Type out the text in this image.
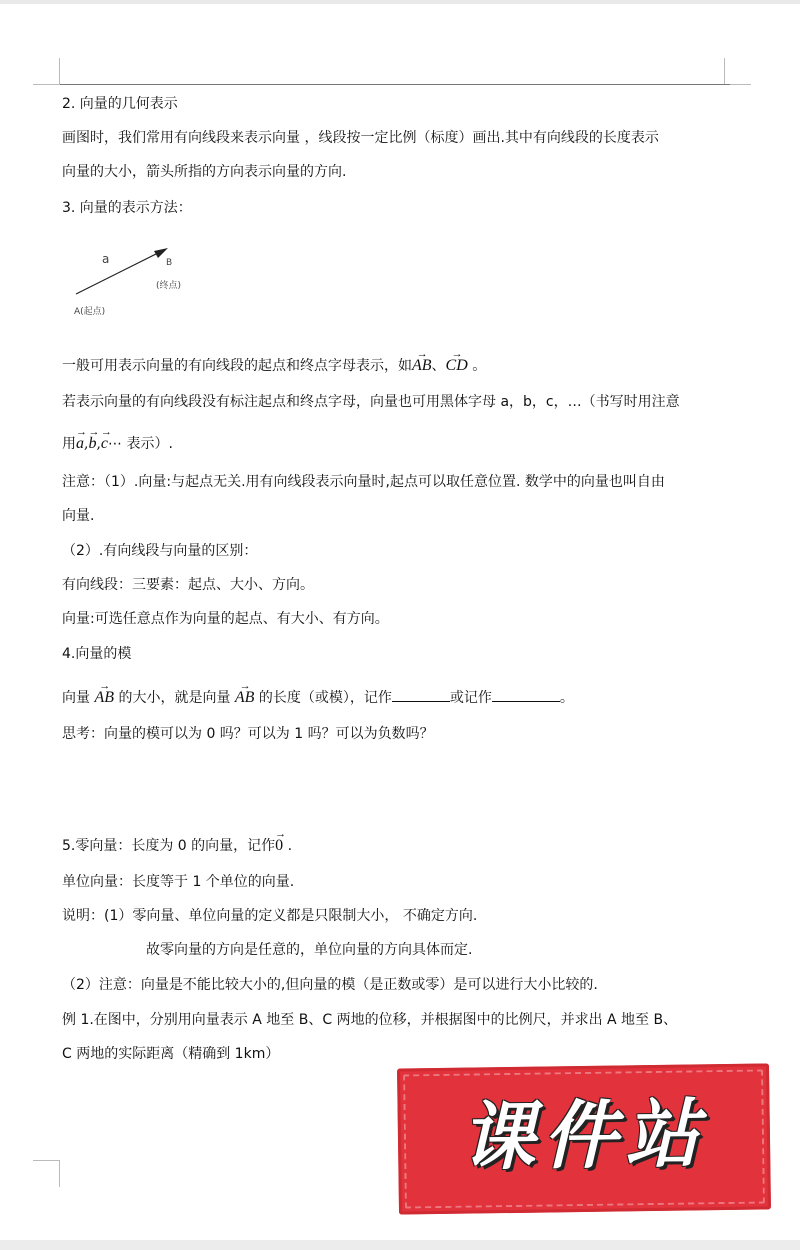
2. 向量的几何表示
画图时，我们常用有向线段来表示向量 ，线段按一定比例（标度）画出.其中有向线段的长度表示
向量的大小，箭头所指的方向表示向量的方向.
3. 向量的表示方法：
a	B
(终点)
A(起点)
一般可用表示向量的有向线段的起点和终点字母表示，如
→
AB、
→
CD 。
若表示向量的有向线段没有标注起点和终点字母，向量也可用黑体字母 a，b，c，…（书写时用注意
用
→
a,
→
b,
→
c⋯ 表示）.
注意：（1）.向量:与起点无关.用有向线段表示向量时,起点可以取任意位置. 数学中的向量也叫自由
向量.
（2）.有向线段与向量的区别：
有向线段：三要素：起点、大小、方向。
向量:可选任意点作为向量的起点、有大小、有方向。
4.向量的模
向量
→
AB 的大小，就是向量
→
AB 的长度（或模），记作	或记作	。
思考：向量的模可以为 0 吗？可以为 1 吗？可以为负数吗？
5.零向量：长度为 0 的向量，记作
→
0 .
单位向量：长度等于 1 个单位的向量.
说明：(1）零向量、单位向量的定义都是只限制大小， 不确定方向.
故零向量的方向是任意的，单位向量的方向具体而定.
（2）注意：向量是不能比较大小的,但向量的模（是正数或零）是可以进行大小比较的.
例 1.在图中，分别用向量表示 A 地至 B、C 两地的位移，并根据图中的比例尺，并求出 A 地至 B、
C 两地的实际距离（精确到 1km）
课件站
